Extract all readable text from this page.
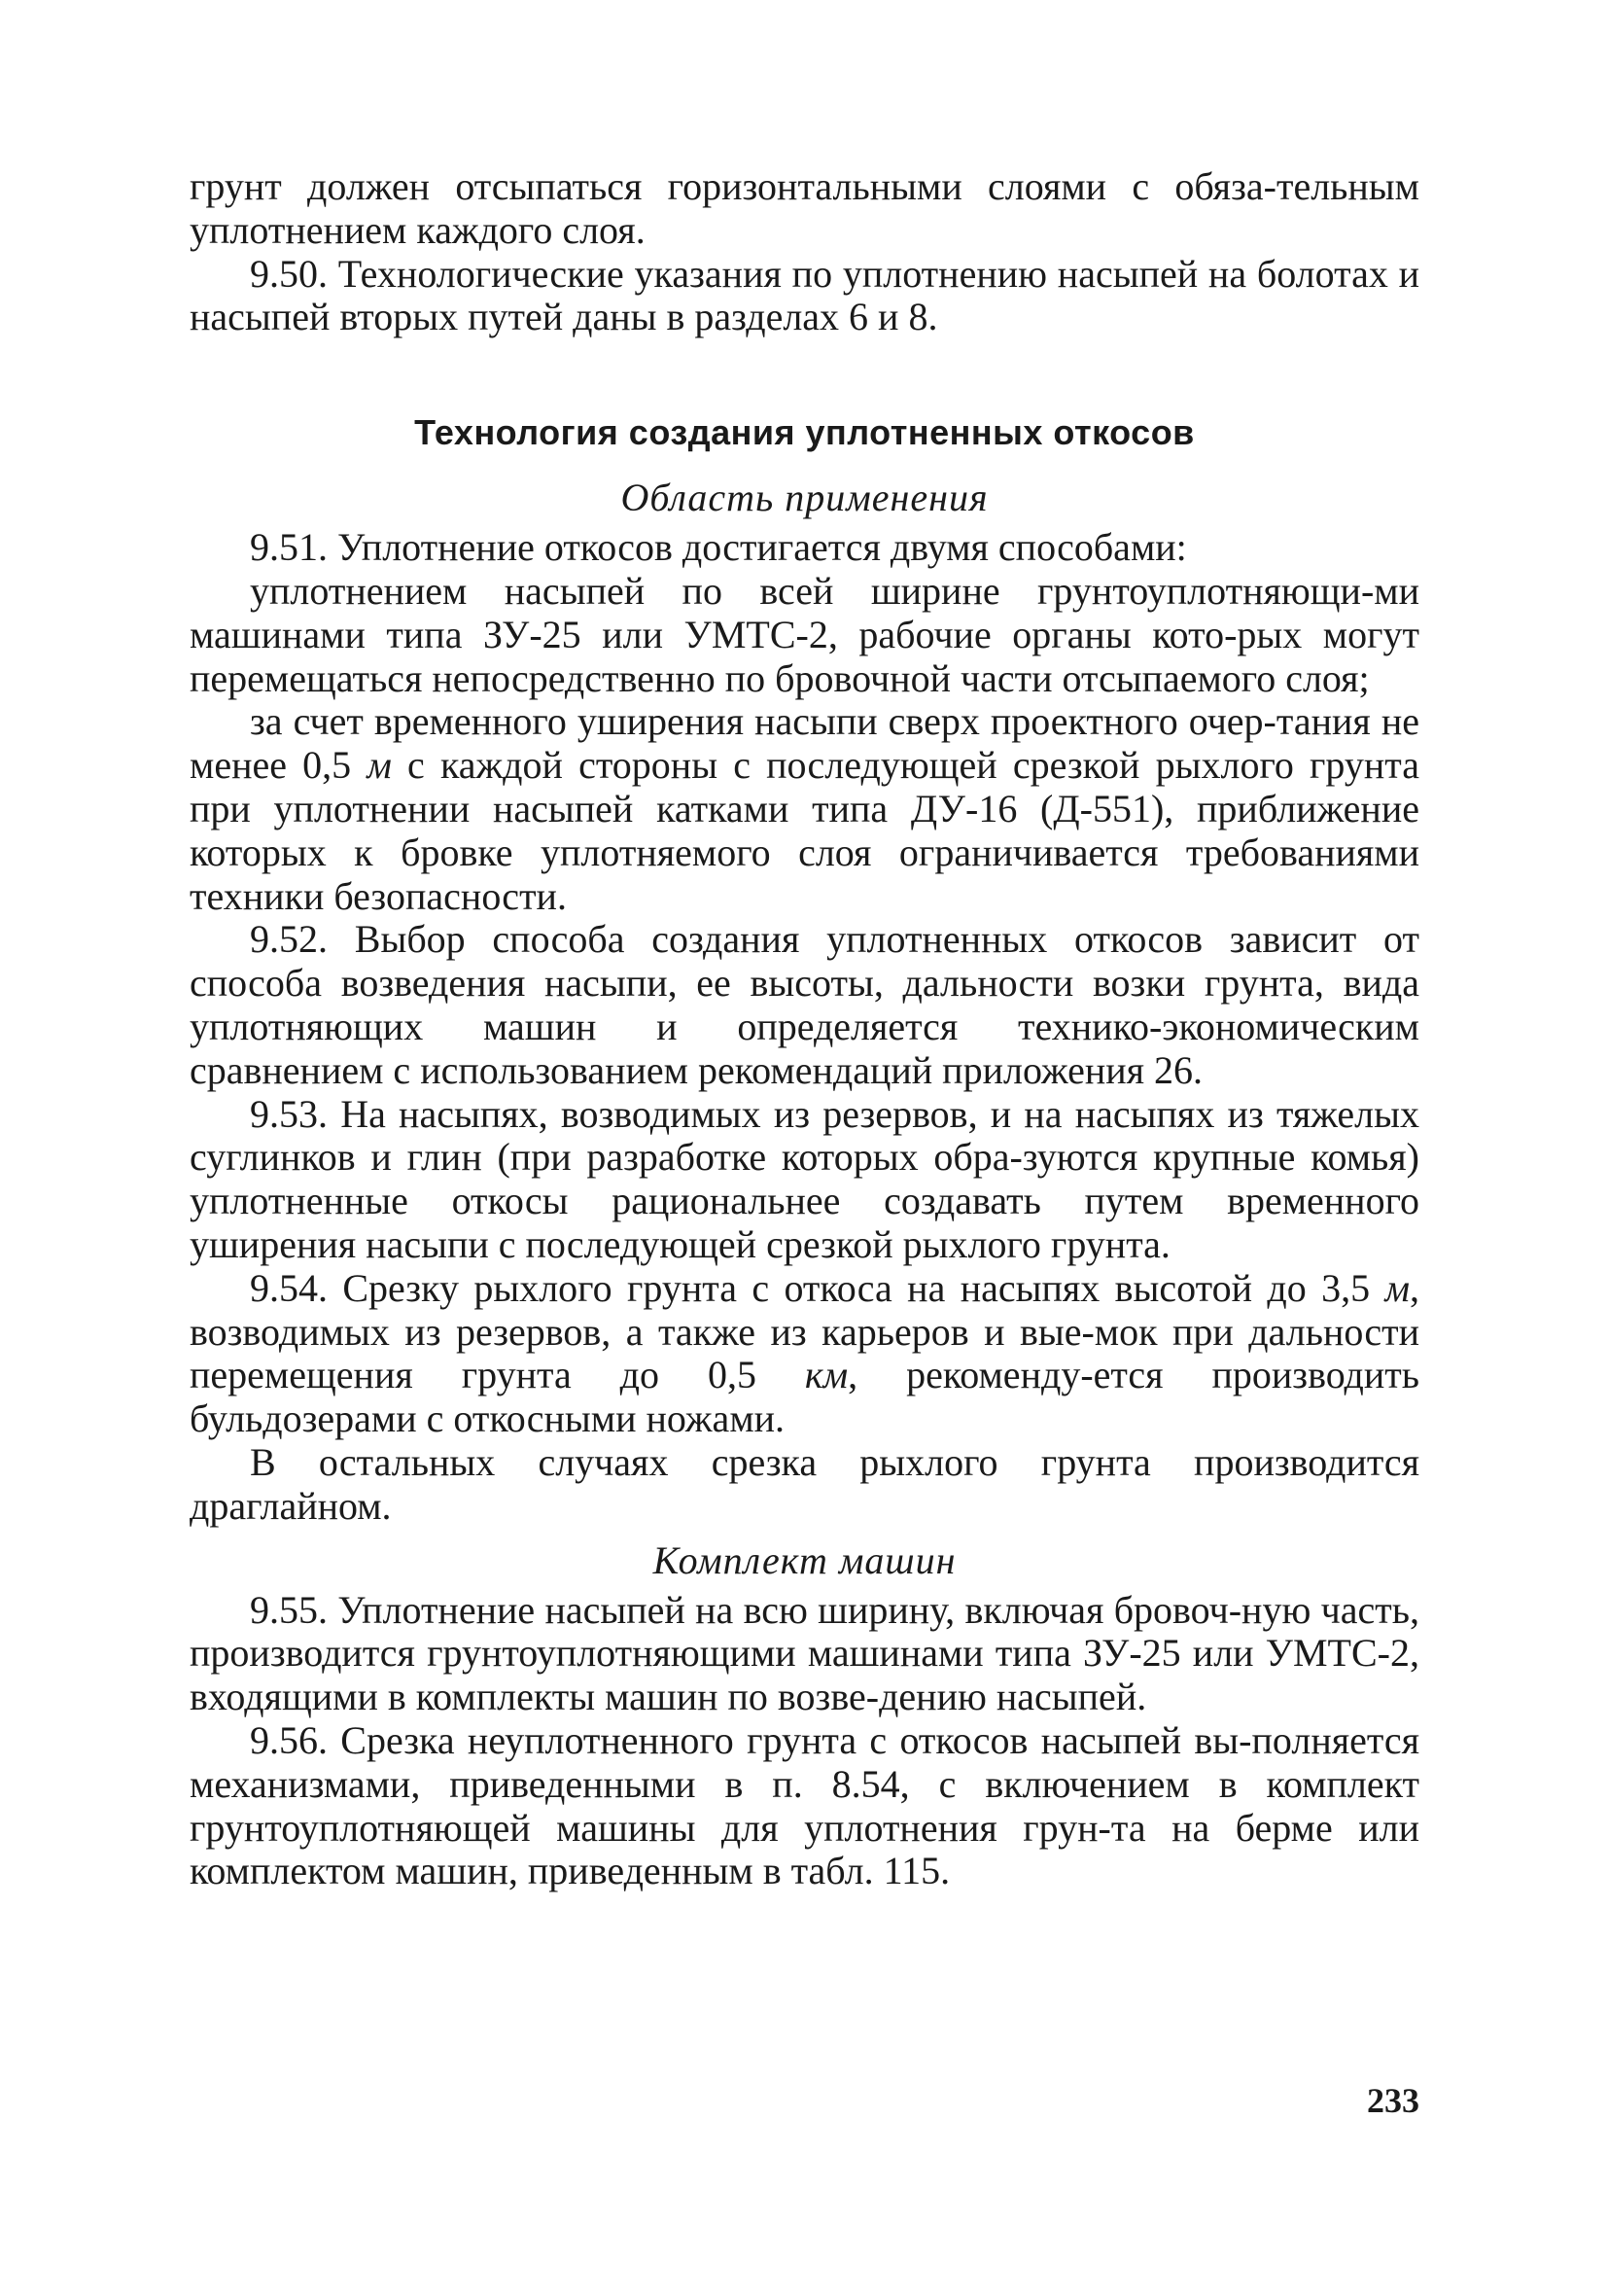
грунт должен отсыпаться горизонтальными слоями с обяза-тельным уплотнением каждого слоя.

9.50. Технологические указания по уплотнению насыпей на болотах и насыпей вторых путей даны в разделах 6 и 8.

Технология создания уплотненных откосов
Область применения

9.51. Уплотнение откосов достигается двумя способами:

уплотнением насыпей по всей ширине грунтоуплотняющи-ми машинами типа ЗУ-25 или УМТС-2, рабочие органы кото-рых могут перемещаться непосредственно по бровочной части отсыпаемого слоя;

за счет временного уширения насыпи сверх проектного очер-тания не менее 0,5 м с каждой стороны с последующей срезкой рыхлого грунта при уплотнении насыпей катками типа ДУ-16 (Д-551), приближение которых к бровке уплотняемого слоя ограничивается требованиями техники безопасности.

9.52. Выбор способа создания уплотненных откосов зависит от способа возведения насыпи, ее высоты, дальности возки грунта, вида уплотняющих машин и определяется технико-экономическим сравнением с использованием рекомендаций приложения 26.

9.53. На насыпях, возводимых из резервов, и на насыпях из тяжелых суглинков и глин (при разработке которых обра-зуются крупные комья) уплотненные откосы рациональнее создавать путем временного уширения насыпи с последующей срезкой рыхлого грунта.

9.54. Срезку рыхлого грунта с откоса на насыпях высотой до 3,5 м, возводимых из резервов, а также из карьеров и вые-мок при дальности перемещения грунта до 0,5 км, рекоменду-ется производить бульдозерами с откосными ножами.

В остальных случаях срезка рыхлого грунта производится драглайном.

Комплект машин

9.55. Уплотнение насыпей на всю ширину, включая бровоч-ную часть, производится грунтоуплотняющими машинами типа ЗУ-25 или УМТС-2, входящими в комплекты машин по возве-дению насыпей.

9.56. Срезка неуплотненного грунта с откосов насыпей вы-полняется механизмами, приведенными в п. 8.54, с включением в комплект грунтоуплотняющей машины для уплотнения грун-та на берме или комплектом машин, приведенным в табл. 115.

233
